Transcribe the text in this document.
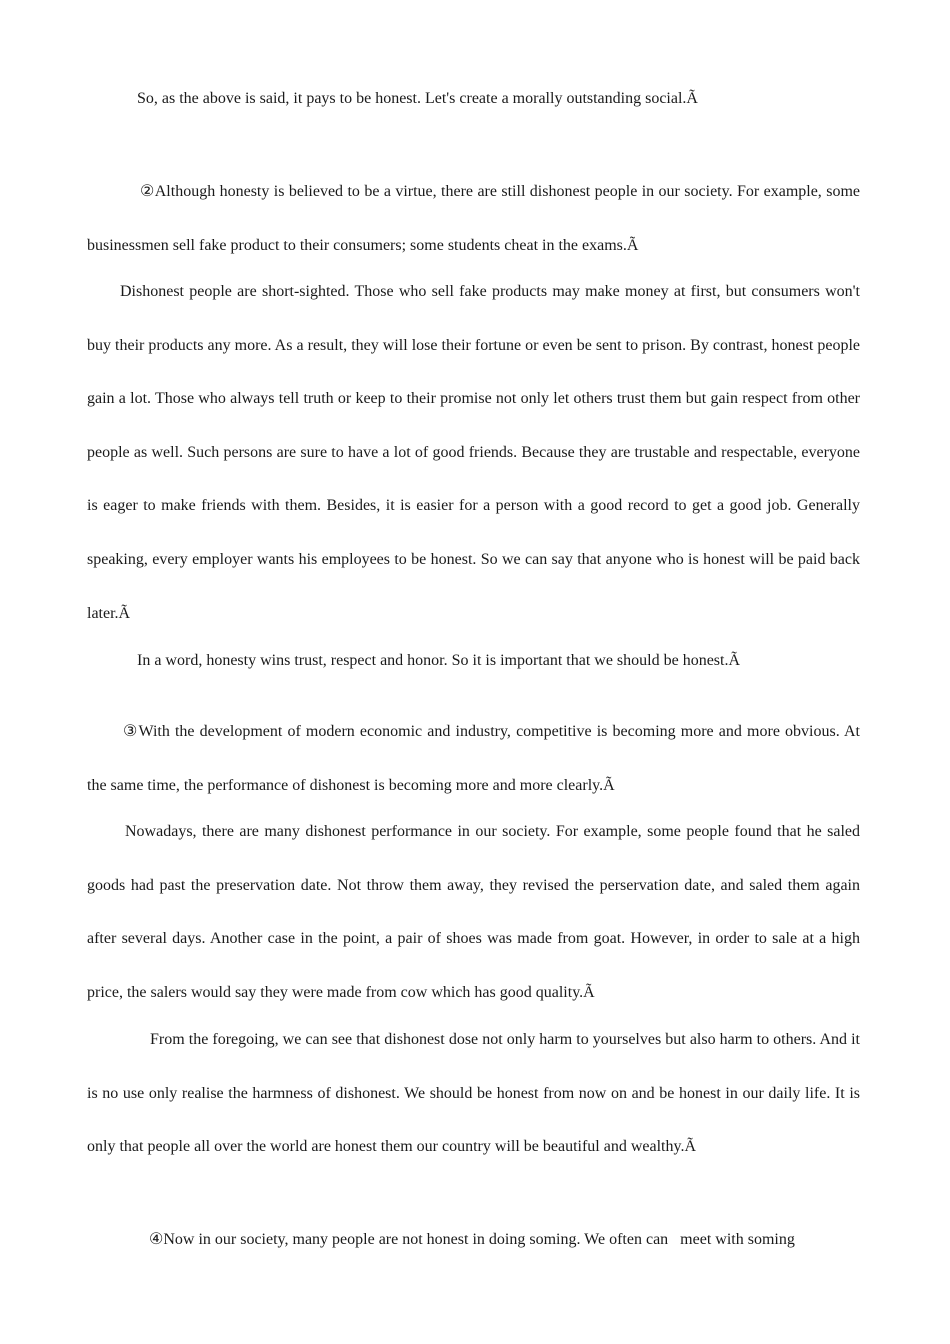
So, as the above is said, it pays to be honest. Let's create a morally outstanding social.Ã

②Although honesty is believed to be a virtue, there are still dishonest people in our society. For example, some businessmen sell fake product to their consumers; some students cheat in the exams.Ã

Dishonest people are short-sighted. Those who sell fake products may make money at first, but consumers won't buy their products any more. As a result, they will lose their fortune or even be sent to prison. By contrast, honest people gain a lot. Those who always tell truth or keep to their promise not only let others trust them but gain respect from other people as well. Such persons are sure to have a lot of good friends. Because they are trustable and respectable, everyone is eager to make friends with them. Besides, it is easier for a person with a good record to get a good job. Generally speaking, every employer wants his employees to be honest. So we can say that anyone who is honest will be paid back later.Ã

In a word, honesty wins trust, respect and honor. So it is important that we should be honest.Ã

③With the development of modern economic and industry, competitive is becoming more and more obvious. At the same time, the performance of dishonest is becoming more and more clearly.Ã

Nowadays, there are many dishonest performance in our society. For example, some people found that he saled goods had past the preservation date. Not throw them away, they revised the perservation date, and saled them again after several days. Another case in the point, a pair of shoes was made from goat. However, in order to sale at a high price, the salers would say they were made from cow which has good quality.Ã

From the foregoing, we can see that dishonest dose not only harm to yourselves but also harm to others. And it is no use only realise the harmness of dishonest. We should be honest from now on and be honest in our daily life. It is only that people all over the world are honest them our country will be beautiful and wealthy.Ã

④Now in our society, many people are not honest in doing soming. We often can   meet with soming
